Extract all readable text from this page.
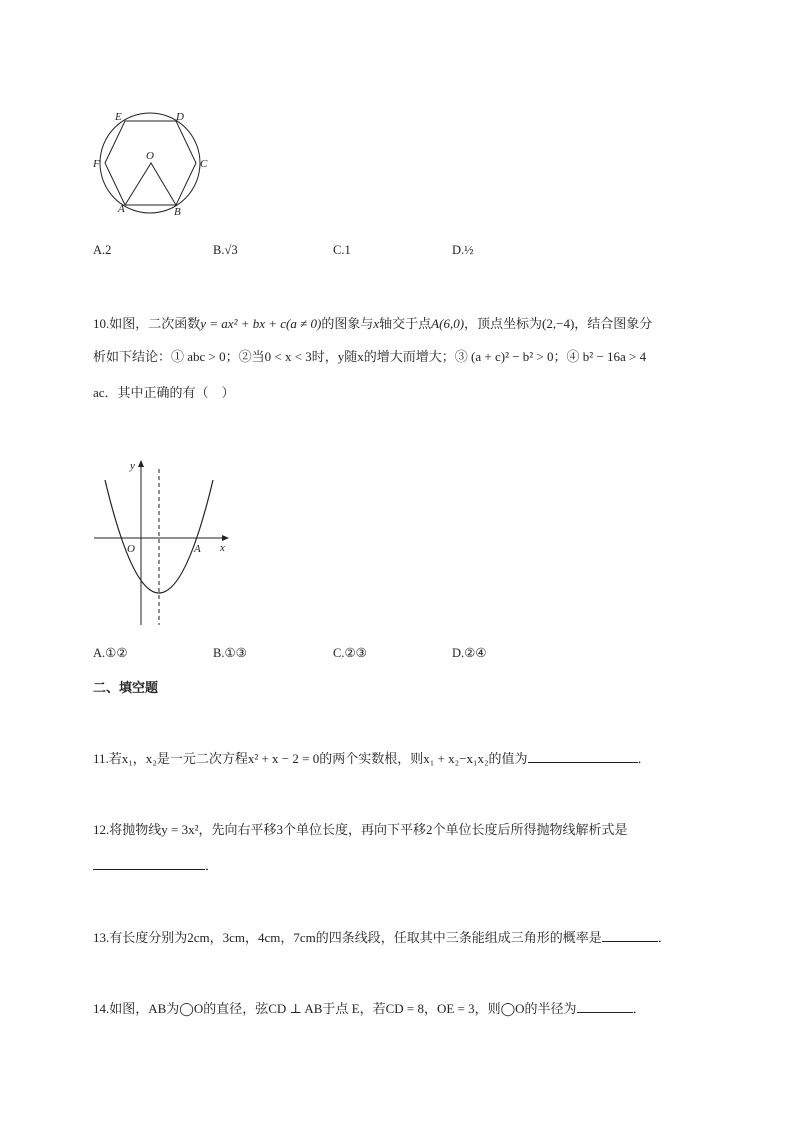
E	D
F
O
C
A	B
A.2	B.√3	C.1	D.½
10.如图，二次函数y = ax² + bx + c(a ≠ 0)的图象与x轴交于点A(6,0)，顶点坐标为(2,−4)，结合图象分
析如下结论：① abc > 0；②当0 < x < 3时，y随x的增大而增大；③ (a + c)² − b² > 0；④ b² − 16a > 4
ac．其中正确的有（　）
y
x
O	A
A.①②	B.①③	C.②③	D.②④
二、填空题
11.若x₁，x₂是一元二次方程x² + x − 2 = 0的两个实数根，则x₁ + x₂−x₁x₂的值为	．
12.将抛物线y = 3x²，先向右平移3个单位长度，再向下平移2个单位长度后所得抛物线解析式是
．
13.有长度分别为2cm，3cm，4cm，7cm的四条线段，任取其中三条能组成三角形的概率是	．
14.如图，AB为◯O的直径，弦CD ⊥ AB于点 E，若CD = 8，OE = 3，则◯O的半径为	．
